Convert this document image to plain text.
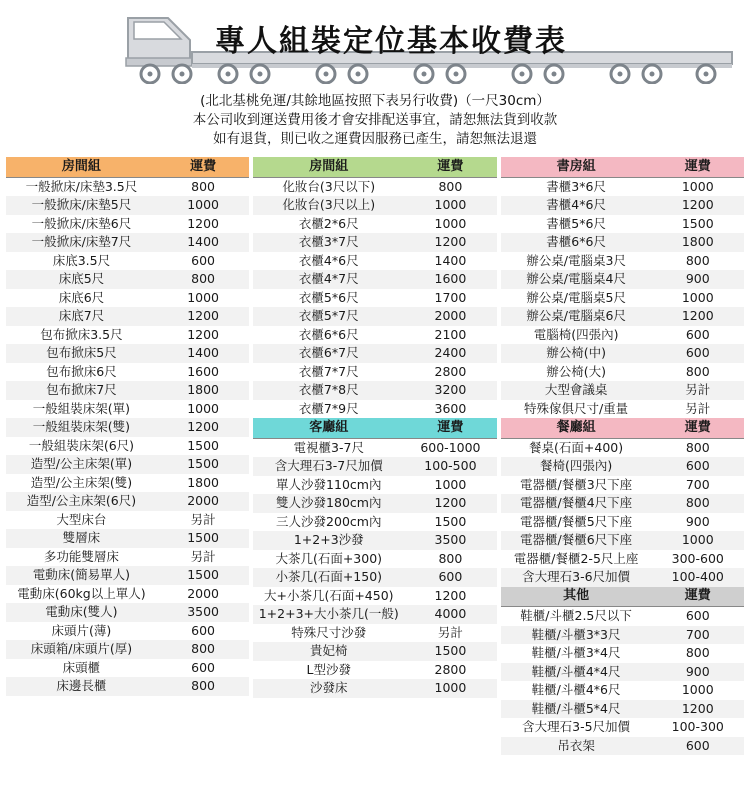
專人組裝定位基本收費表
(北北基桃免運/其餘地區按照下表另行收費)（一尺30cm）
本公司收到運送費用後才會安排配送事宜，請恕無法貨到收款
如有退貨，則已收之運費因服務已產生，請恕無法退還
房間組	運費
一般掀床/床墊3.5尺	800
一般掀床/床墊5尺	1000
一般掀床/床墊6尺	1200
一般掀床/床墊7尺	1400
床底3.5尺	600
床底5尺	800
床底6尺	1000
床底7尺	1200
包布掀床3.5尺	1200
包布掀床5尺	1400
包布掀床6尺	1600
包布掀床7尺	1800
一般組裝床架(單)	1000
一般組裝床架(雙)	1200
一般組裝床架(6尺)	1500
造型/公主床架(單)	1500
造型/公主床架(雙)	1800
造型/公主床架(6尺)	2000
大型床台	另計
雙層床	1500
多功能雙層床	另計
電動床(簡易單人)	1500
電動床(60kg以上單人)	2000
電動床(雙人)	3500
床頭片(薄)	600
床頭箱/床頭片(厚)	800
床頭櫃	600
床邊長櫃	800
房間組	運費
化妝台(3尺以下)	800
化妝台(3尺以上)	1000
衣櫃2*6尺	1000
衣櫃3*7尺	1200
衣櫃4*6尺	1400
衣櫃4*7尺	1600
衣櫃5*6尺	1700
衣櫃5*7尺	2000
衣櫃6*6尺	2100
衣櫃6*7尺	2400
衣櫃7*7尺	2800
衣櫃7*8尺	3200
衣櫃7*9尺	3600
客廳組	運費
電視櫃3-7尺	600-1000
含大理石3-7尺加價	100-500
單人沙發110cm內	1000
雙人沙發180cm內	1200
三人沙發200cm內	1500
1+2+3沙發	3500
大茶几(石面+300)	800
小茶几(石面+150)	600
大+小茶几(石面+450)	1200
1+2+3+大小茶几(一般)	4000
特殊尺寸沙發	另計
貴妃椅	1500
L型沙發	2800
沙發床	1000
書房組	運費
書櫃3*6尺	1000
書櫃4*6尺	1200
書櫃5*6尺	1500
書櫃6*6尺	1800
辦公桌/電腦桌3尺	800
辦公桌/電腦桌4尺	900
辦公桌/電腦桌5尺	1000
辦公桌/電腦桌6尺	1200
電腦椅(四張內)	600
辦公椅(中)	600
辦公椅(大)	800
大型會議桌	另計
特殊傢俱尺寸/重量	另計
餐廳組	運費
餐桌(石面+400)	800
餐椅(四張內)	600
電器櫃/餐櫃3尺下座	700
電器櫃/餐櫃4尺下座	800
電器櫃/餐櫃5尺下座	900
電器櫃/餐櫃6尺下座	1000
電器櫃/餐櫃2-5尺上座	300-600
含大理石3-6尺加價	100-400
其他	運費
鞋櫃/斗櫃2.5尺以下	600
鞋櫃/斗櫃3*3尺	700
鞋櫃/斗櫃3*4尺	800
鞋櫃/斗櫃4*4尺	900
鞋櫃/斗櫃4*6尺	1000
鞋櫃/斗櫃5*4尺	1200
含大理石3-5尺加價	100-300
吊衣架	600
